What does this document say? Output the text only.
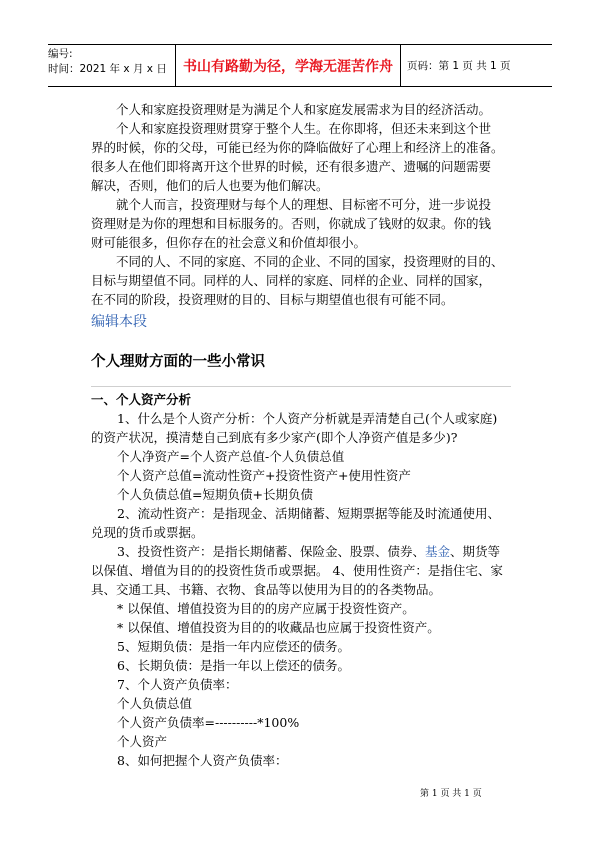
编号:
时间：2021 年 x 月 x 日	书山有路勤为径，学海无涯苦作舟	页码：第 1 页 共 1 页
个人和家庭投资理财是为满足个人和家庭发展需求为目的经济活动。
个人和家庭投资理财贯穿于整个人生。在你即将，但还未来到这个世
界的时候，你的父母，可能已经为你的降临做好了心理上和经济上的准备。
很多人在他们即将离开这个世界的时候，还有很多遗产、遗嘱的问题需要
解决，否则，他们的后人也要为他们解决。
就个人而言，投资理财与每个人的理想、目标密不可分，进一步说投
资理财是为你的理想和目标服务的。否则，你就成了钱财的奴隶。你的钱
财可能很多，但你存在的社会意义和价值却很小。
不同的人、不同的家庭、不同的企业、不同的国家，投资理财的目的、
目标与期望值不同。同样的人、同样的家庭、同样的企业、同样的国家，
在不同的阶段，投资理财的目的、目标与期望值也很有可能不同。
编辑本段
个人理财方面的一些小常识
一、个人资产分析
1、什么是个人资产分析：个人资产分析就是弄清楚自己(个人或家庭)
的资产状况，摸清楚自己到底有多少家产(即个人净资产值是多少)?
个人净资产=个人资产总值-个人负债总值
个人资产总值=流动性资产+投资性资产+使用性资产
个人负债总值=短期负债+长期负债
2、流动性资产：是指现金、活期储蓄、短期票据等能及时流通使用、
兑现的货币或票据。
3、投资性资产：是指长期储蓄、保险金、股票、债券、基金、期货等
以保值、增值为目的的投资性货币或票据。 4、使用性资产：是指住宅、家
具、交通工具、书籍、衣物、食品等以使用为目的的各类物品。
* 以保值、增值投资为目的的房产应属于投资性资产。
* 以保值、增值投资为目的的收藏品也应属于投资性资产。
5、短期负债：是指一年内应偿还的债务。
6、长期负债：是指一年以上偿还的债务。
7、个人资产负债率：
个人负债总值
个人资产负债率=----------*100%
个人资产
8、如何把握个人资产负债率：
第 1 页 共 1 页
